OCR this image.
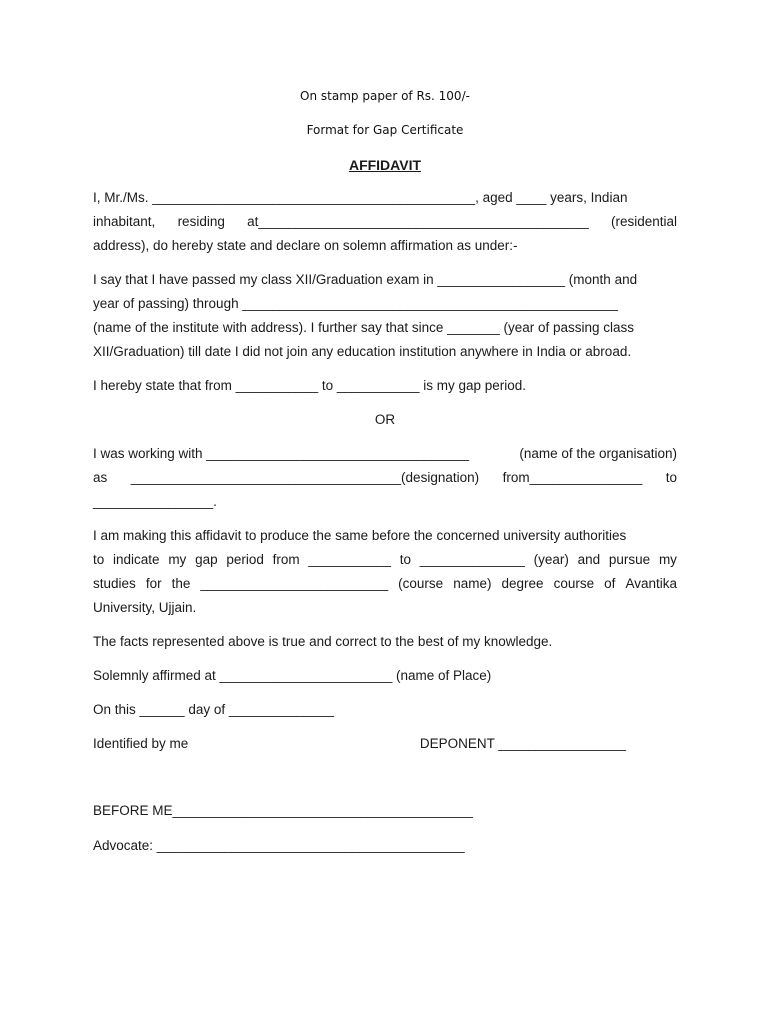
On stamp paper of Rs. 100/-
Format for Gap Certificate
AFFIDAVIT
I, Mr./Ms. ___________________________________________, aged ____ years, Indian
inhabitant, residing at____________________________________________ (residential
address), do hereby state and declare on solemn affirmation as under:-
I say that I have passed my class XII/Graduation exam in _________________ (month and
year of passing) through __________________________________________________
(name of the institute with address). I further say that since _______ (year of passing class
XII/Graduation) till date I did not join any education institution anywhere in India or abroad.
I hereby state that from ___________ to ___________ is my gap period.
OR
I was working with ___________________________________	(name of the organisation)
as ____________________________________(designation) from_______________ to
________________.
I am making this affidavit to produce the same before the concerned university authorities
to indicate my gap period from ___________ to ______________ (year) and pursue my
studies for the _________________________ (course name) degree course of Avantika
University, Ujjain.
The facts represented above is true and correct to the best of my knowledge.
Solemnly affirmed at _______________________ (name of Place)
On this ______ day of ______________
Identified by me	DEPONENT _________________
BEFORE ME________________________________________
Advocate: _________________________________________
